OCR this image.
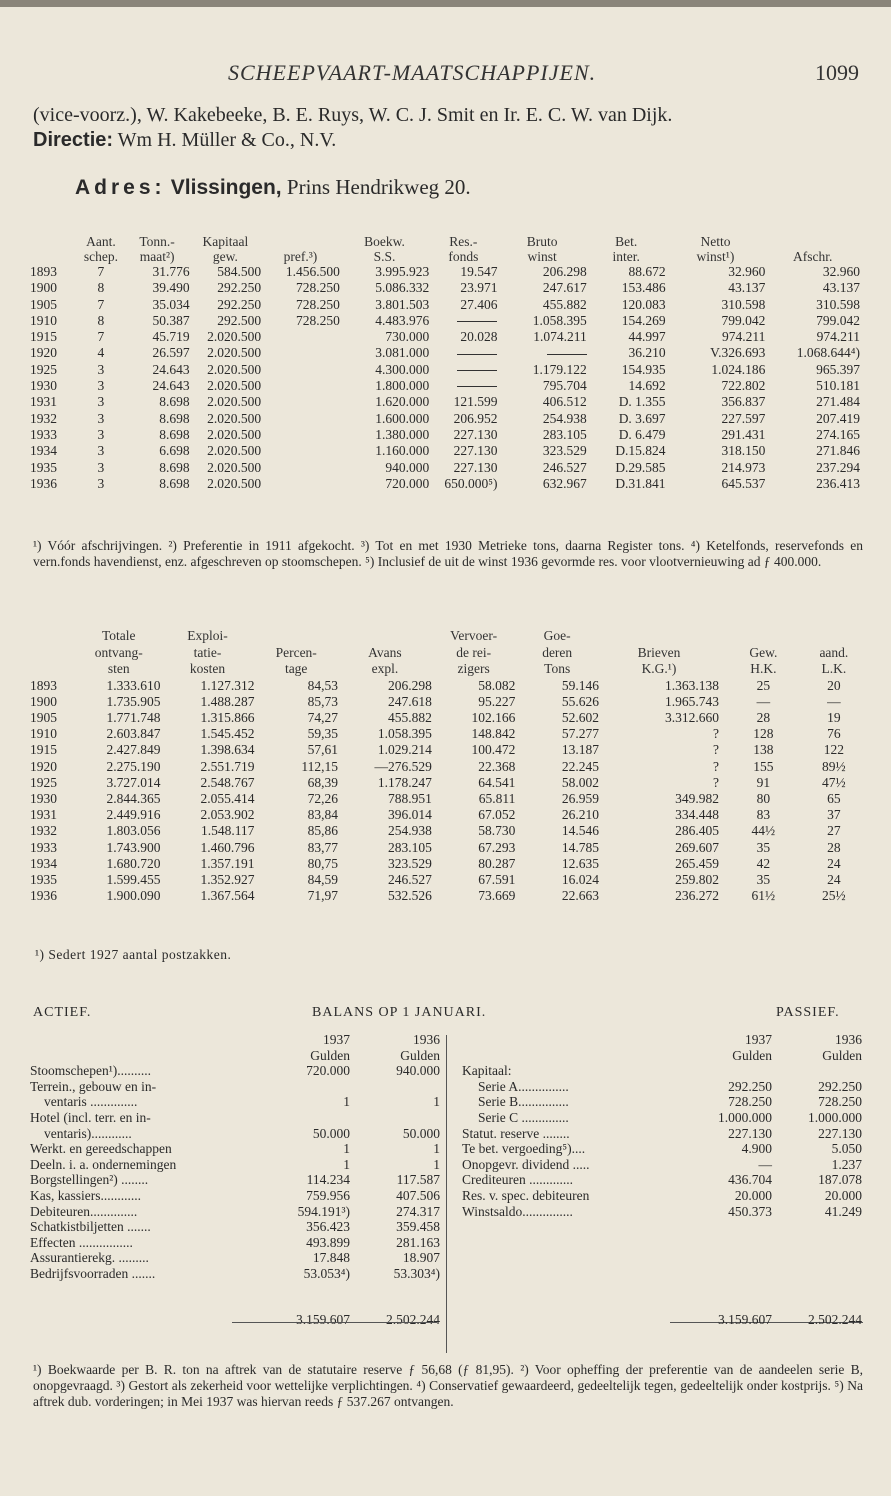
SCHEEPVAART-MAATSCHAPPIJEN.	1099
(vice-voorz.), W. Kakebeeke, B. E. Ruys, W. C. J. Smit en Ir. E. C. W. van Dijk.
Directie: Wm H. Müller & Co., N.V.
Adres: Vlissingen, Prins Hendrikweg 20.
	Aant.	Tonn.-	Kapitaal		Boekw.	Res.-	Bruto	Bet.	Netto	
	schep.	maat²)	gew.	pref.³)	S.S.	fonds	winst	inter.	winst¹)	Afschr.
1893	7	31.776	584.500	1.456.500	3.995.923	19.547	206.298	88.672	32.960	32.960
1900	8	39.490	292.250	728.250	5.086.332	23.971	247.617	153.486	43.137	43.137
1905	7	35.034	292.250	728.250	3.801.503	27.406	455.882	120.083	310.598	310.598
1910	8	50.387	292.500	728.250	4.483.976		1.058.395	154.269	799.042	799.042
1915	7	45.719	2.020.500		730.000	20.028	1.074.211	44.997	974.211	974.211
1920	4	26.597	2.020.500		3.081.000			36.210	V.326.693	1.068.644⁴)
1925	3	24.643	2.020.500		4.300.000		1.179.122	154.935	1.024.186	965.397
1930	3	24.643	2.020.500		1.800.000		795.704	14.692	722.802	510.181
1931	3	8.698	2.020.500		1.620.000	121.599	406.512	D. 1.355	356.837	271.484
1932	3	8.698	2.020.500		1.600.000	206.952	254.938	D. 3.697	227.597	207.419
1933	3	8.698	2.020.500		1.380.000	227.130	283.105	D. 6.479	291.431	274.165
1934	3	6.698	2.020.500		1.160.000	227.130	323.529	D.15.824	318.150	271.846
1935	3	8.698	2.020.500		940.000	227.130	246.527	D.29.585	214.973	237.294
1936	3	8.698	2.020.500		720.000	650.000⁵)	632.967	D.31.841	645.537	236.413
¹) Vóór afschrijvingen. ²) Preferentie in 1911 afgekocht. ³) Tot en met 1930 Metrieke tons, daarna Register tons. ⁴) Ketelfonds, reservefonds en vern.fonds havendienst, enz. afgeschreven op stoomschepen. ⁵) Inclusief de uit de winst 1936 gevormde res. voor vlootvernieuwing ad ƒ 400.000.
	Totale	Exploi-			Vervoer-	Goe-			
	ontvang-	tatie-	Percen-	Avans	de rei-	deren	Brieven	Gew.	aand.
	sten	kosten	tage	expl.	zigers	Tons	K.G.¹)	H.K.	L.K.
1893	1.333.610	1.127.312	84,53	206.298	58.082	59.146	1.363.138	25	20
1900	1.735.905	1.488.287	85,73	247.618	95.227	55.626	1.965.743	—	—
1905	1.771.748	1.315.866	74,27	455.882	102.166	52.602	3.312.660	28	19
1910	2.603.847	1.545.452	59,35	1.058.395	148.842	57.277	?	128	76
1915	2.427.849	1.398.634	57,61	1.029.214	100.472	13.187	?	138	122
1920	2.275.190	2.551.719	112,15	—276.529	22.368	22.245	?	155	89½
1925	3.727.014	2.548.767	68,39	1.178.247	64.541	58.002	?	91	47½
1930	2.844.365	2.055.414	72,26	788.951	65.811	26.959	349.982	80	65
1931	2.449.916	2.053.902	83,84	396.014	67.052	26.210	334.448	83	37
1932	1.803.056	1.548.117	85,86	254.938	58.730	14.546	286.405	44½	27
1933	1.743.900	1.460.796	83,77	283.105	67.293	14.785	269.607	35	28
1934	1.680.720	1.357.191	80,75	323.529	80.287	12.635	265.459	42	24
1935	1.599.455	1.352.927	84,59	246.527	67.591	16.024	259.802	35	24
1936	1.900.090	1.367.564	71,97	532.526	73.669	22.663	236.272	61½	25½
¹) Sedert 1927 aantal postzakken.
ACTIEF.	BALANS OP 1 JANUARI.	PASSIEF.
	1937	1936
	Gulden	Gulden
Stoomschepen¹)..........	720.000	940.000
Terrein., gebouw en in-		
ventaris ..............	1	1
Hotel (incl. terr. en in-		
ventaris)............	50.000	50.000
Werkt. en gereedschappen	1	1
Deeln. i. a. ondernemingen	1	1
Borgstellingen²) ........	114.234	117.587
Kas, kassiers............	759.956	407.506
Debiteuren..............	594.191³)	274.317
Schatkistbiljetten .......	356.423	359.458
Effecten ................	493.899	281.163
Assurantierekg. .........	17.848	18.907
Bedrijfsvoorraden .......	53.053⁴)	53.303⁴)

	3.159.607	2.502.244
	1937	1936
	Gulden	Gulden
Kapitaal:		
Serie A...............	292.250	292.250
Serie B...............	728.250	728.250
Serie C ..............	1.000.000	1.000.000
Statut. reserve ........	227.130	227.130
Te bet. vergoeding⁵)....	4.900	5.050
Onopgevr. dividend .....	—	1.237
Crediteuren .............	436.704	187.078
Res. v. spec. debiteuren	20.000	20.000
Winstsaldo...............	450.373	41.249

	3.159.607	2.502.244
¹) Boekwaarde per B. R. ton na aftrek van de statutaire reserve ƒ 56,68 (ƒ 81,95). ²) Voor opheffing der preferentie van de aandeelen serie B, onopgevraagd. ³) Gestort als zekerheid voor wettelijke verplichtingen. ⁴) Conservatief gewaardeerd, gedeeltelijk tegen, gedeeltelijk onder kostprijs. ⁵) Na aftrek dub. vorderingen; in Mei 1937 was hiervan reeds ƒ 537.267 ontvangen.
